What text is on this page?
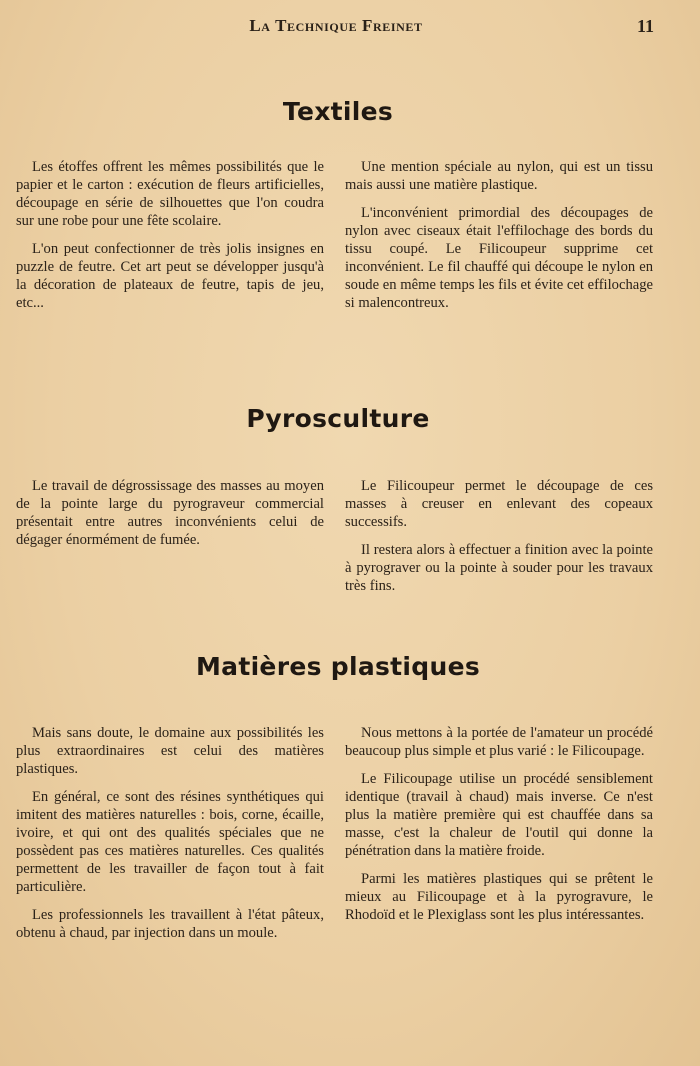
La Technique Freinet	11
Textiles

Les étoffes offrent les mêmes possibilités que le papier et le carton : exécution de fleurs artificielles, découpage en série de silhouettes que l'on coudra sur une robe pour une fête scolaire.

L'on peut confectionner de très jolis insignes en puzzle de feutre. Cet art peut se développer jusqu'à la décoration de plateaux de feutre, tapis de jeu, etc...

Une mention spéciale au nylon, qui est un tissu mais aussi une matière plastique.

L'inconvénient primordial des découpages de nylon avec ciseaux était l'effilochage des bords du tissu coupé. Le Filicoupeur supprime cet inconvénient. Le fil chauffé qui découpe le nylon en soude en même temps les fils et évite cet effilochage si malencontreux.

Pyrosculture

Le travail de dégrossissage des masses au moyen de la pointe large du pyrograveur commercial présentait entre autres inconvénients celui de dégager énormément de fumée.

Le Filicoupeur permet le découpage de ces masses à creuser en enlevant des copeaux successifs.

Il restera alors à effectuer a finition avec la pointe à pyrograver ou la pointe à souder pour les travaux très fins.

Matières plastiques

Mais sans doute, le domaine aux possibilités les plus extraordinaires est celui des matières plastiques.

En général, ce sont des résines synthétiques qui imitent des matières naturelles : bois, corne, écaille, ivoire, et qui ont des qualités spéciales que ne possèdent pas ces matières naturelles. Ces qualités permettent de les travailler de façon tout à fait particulière.

Les professionnels les travaillent à l'état pâteux, obtenu à chaud, par injection dans un moule.

Nous mettons à la portée de l'amateur un procédé beaucoup plus simple et plus varié : le Filicoupage.

Le Filicoupage utilise un procédé sensiblement identique (travail à chaud) mais inverse. Ce n'est plus la matière première qui est chauffée dans sa masse, c'est la chaleur de l'outil qui donne la pénétration dans la matière froide.

Parmi les matières plastiques qui se prêtent le mieux au Filicoupage et à la pyrogravure, le Rhodoïd et le Plexiglass sont les plus intéressantes.
